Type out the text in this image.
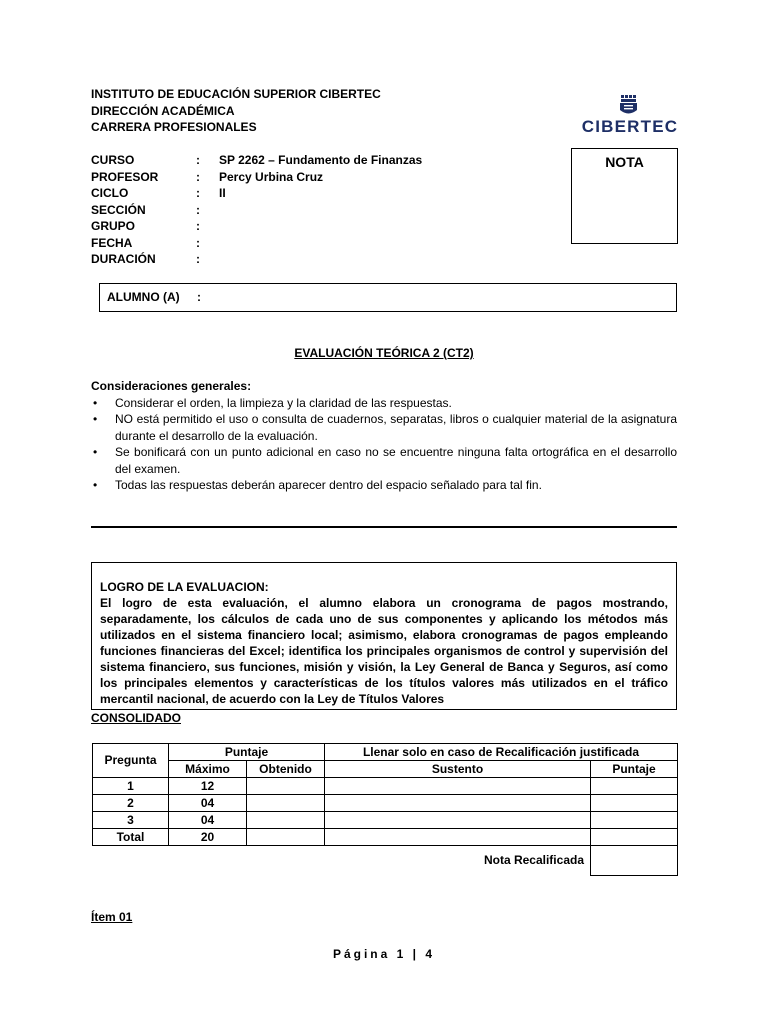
INSTITUTO DE EDUCACIÓN SUPERIOR CIBERTEC
DIRECCIÓN ACADÉMICA
CARRERA PROFESIONALES	CIBERTEC
CURSO	: SP 2262 – Fundamento de Finanzas
PROFESOR	: Percy Urbina Cruz
CICLO	: II
SECCIÓN	:
GRUPO	:
FECHA	:
DURACIÓN	:
NOTA
ALUMNO (A) :
EVALUACIÓN TEÓRICA 2 (CT2)
Consideraciones generales:
• Considerar el orden, la limpieza y la claridad de las respuestas.
• NO está permitido el uso o consulta de cuadernos, separatas, libros o cualquier material de la asignatura durante el desarrollo de la evaluación.
• Se bonificará con un punto adicional en caso no se encuentre ninguna falta ortográfica en el desarrollo del examen.
• Todas las respuestas deberán aparecer dentro del espacio señalado para tal fin.
LOGRO DE LA EVALUACION:
El logro de esta evaluación, el alumno elabora un cronograma de pagos mostrando, separadamente, los cálculos de cada uno de sus componentes y aplicando los métodos más utilizados en el sistema financiero local; asimismo, elabora cronogramas de pagos empleando funciones financieras del Excel; identifica los principales organismos de control y supervisión del sistema financiero, sus funciones, misión y visión, la Ley General de Banca y Seguros, así como los principales elementos y características de los títulos valores más utilizados en el tráfico mercantil nacional, de acuerdo con la Ley de Títulos Valores
CONSOLIDADO
Pregunta	Puntaje		Llenar solo en caso de Recalificación justificada	
	Máximo	Obtenido	Sustento	Puntaje
1	12			
2	04			
3	04			
Total	20			

Nota Recalificada				

Ítem 01
Página 1 | 4
